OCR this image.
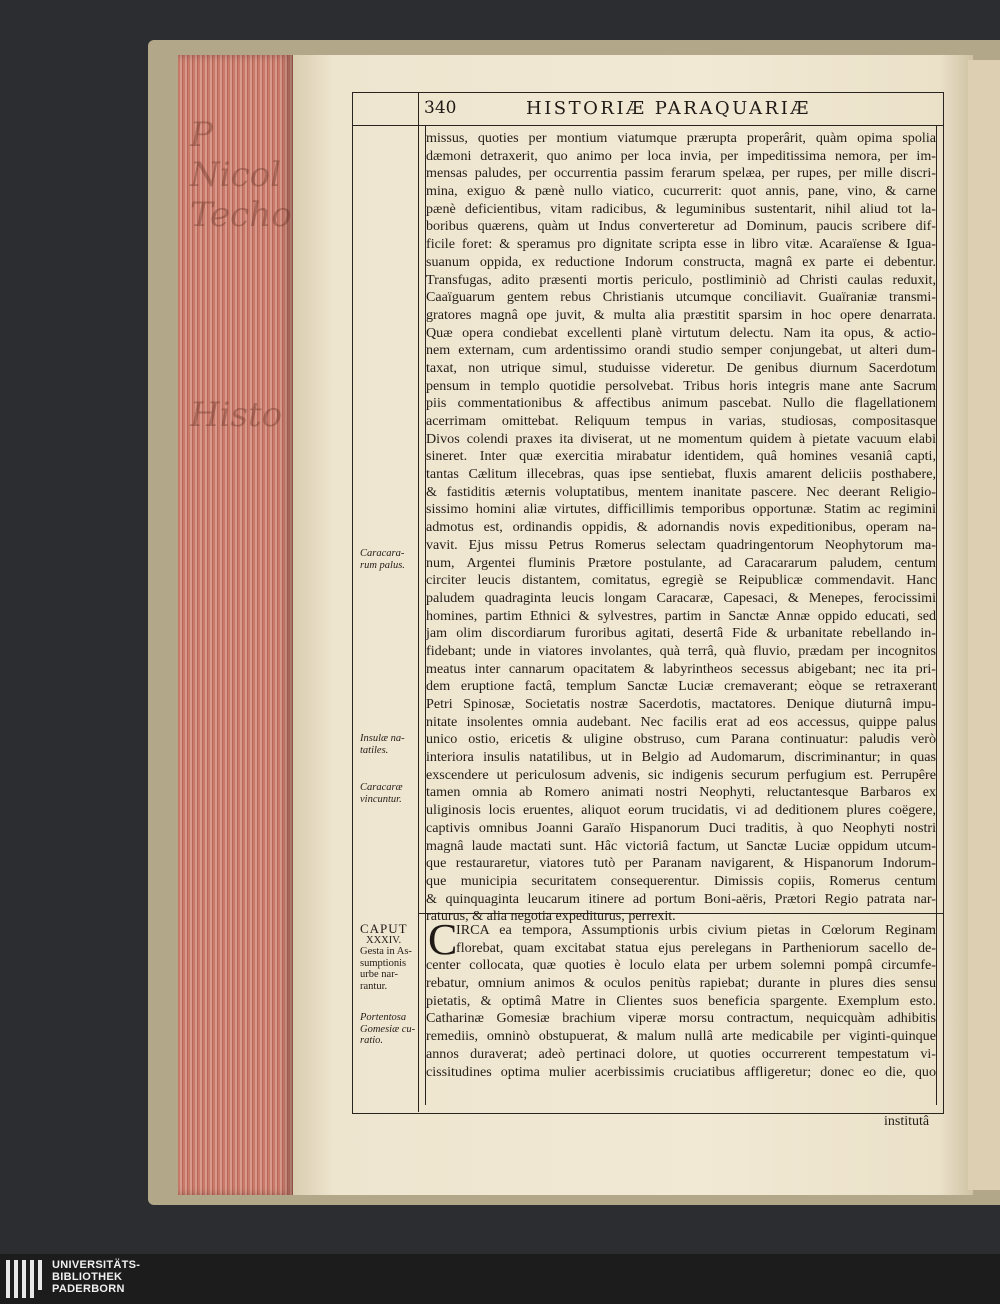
P
Nicol
Techo
Histo
340	HISTORIÆ PARAQUARIÆ
missus, quoties per montium viatumque prærupta properârit, quàm opima spolia
dæmoni detraxerit, quo animo per loca invia, per impeditissima nemora, per im-
mensas paludes, per occurrentia passim ferarum spelæa, per rupes, per mille discri-
mina, exiguo & pænè nullo viatico, cucurrerit: quot annis, pane, vino, & carne
pænè deficientibus, vitam radicibus, & leguminibus sustentarit, nihil aliud tot la-
boribus quærens, quàm ut Indus converteretur ad Dominum, paucis scribere dif-
ficile foret: & speramus pro dignitate scripta esse in libro vitæ. Acaraïense & Igua-
suanum oppida, ex reductione Indorum constructa, magnâ ex parte ei debentur.
Transfugas, adito præsenti mortis periculo, postliminiò ad Christi caulas reduxit,
Caaïguarum gentem rebus Christianis utcumque conciliavit. Guaïraniæ transmi-
gratores magnâ ope juvit, & multa alia præstitit sparsim in hoc opere denarrata.
Quæ opera condiebat excellenti planè virtutum delectu. Nam ita opus, & actio-
nem externam, cum ardentissimo orandi studio semper conjungebat, ut alteri dum-
taxat, non utrique simul, studuisse videretur. De genibus diurnum Sacerdotum
pensum in templo quotidie persolvebat. Tribus horis integris mane ante Sacrum
piis commentationibus & affectibus animum pascebat. Nullo die flagellationem
acerrimam omittebat. Reliquum tempus in varias, studiosas, compositasque
Divos colendi praxes ita diviserat, ut ne momentum quidem à pietate vacuum elabi
sineret. Inter quæ exercitia mirabatur identidem, quâ homines vesaniâ capti,
tantas Cælitum illecebras, quas ipse sentiebat, fluxis amarent deliciis posthabere,
& fastiditis æternis voluptatibus, mentem inanitate pascere. Nec deerant Religio-
sissimo homini aliæ virtutes, difficillimis temporibus opportunæ. Statim ac regimini
admotus est, ordinandis oppidis, & adornandis novis expeditionibus, operam na-
vavit. Ejus missu Petrus Romerus selectam quadringentorum Neophytorum ma-
num, Argentei fluminis Prætore postulante, ad Caracararum paludem, centum
circiter leucis distantem, comitatus, egregiè se Reipublicæ commendavit. Hanc
paludem quadraginta leucis longam Caracaræ, Capesaci, & Menepes, ferocissimi
homines, partim Ethnici & sylvestres, partim in Sanctæ Annæ oppido educati, sed
jam olim discordiarum furoribus agitati, desertâ Fide & urbanitate rebellando in-
fidebant; unde in viatores involantes, quà terrâ, quà fluvio, prædam per incognitos
meatus inter cannarum opacitatem & labyrintheos secessus abigebant; nec ita pri-
dem eruptione factâ, templum Sanctæ Luciæ cremaverant; eòque se retraxerant
Petri Spinosæ, Societatis nostræ Sacerdotis, mactatores. Denique diuturnâ impu-
nitate insolentes omnia audebant. Nec facilis erat ad eos accessus, quippe palus
unico ostio, ericetis & uligine obstruso, cum Parana continuatur: paludis verò
interiora insulis natatilibus, ut in Belgio ad Audomarum, discriminantur; in quas
exscendere ut periculosum advenis, sic indigenis securum perfugium est. Perrupêre
tamen omnia ab Romero animati nostri Neophyti, reluctantesque Barbaros ex
uliginosis locis eruentes, aliquot eorum trucidatis, vi ad deditionem plures coëgere,
captivis omnibus Joanni Garaïo Hispanorum Duci traditis, à quo Neophyti nostri
magnâ laude mactati sunt. Hâc victoriâ factum, ut Sanctæ Luciæ oppidum utcum-
que restauraretur, viatores tutò per Paranam navigarent, & Hispanorum Indorum-
que municipia securitatem consequerentur. Dimissis copiis, Romerus centum
& quinquaginta leucarum itinere ad portum Boni-aëris, Prætori Regio patrata nar-
raturus, & alia negotia expediturus, perrexit.
C
IRCA ea tempora, Assumptionis urbis civium pietas in Cœlorum Reginam
florebat, quam excitabat statua ejus perelegans in Partheniorum sacello de-
center collocata, quæ quoties è loculo elata per urbem solemni pompâ circumfe-
rebatur, omnium animos & oculos penitùs rapiebat; durante in plures dies sensu
pietatis, & optimâ Matre in Clientes suos beneficia spargente. Exemplum esto.
Catharinæ Gomesiæ brachium viperæ morsu contractum, nequicquàm adhibitis
remediis, omninò obstupuerat, & malum nullâ arte medicabile per viginti-quinque
annos duraverat; adeò pertinaci dolore, ut quoties occurrerent tempestatum vi-
cissitudines optima mulier acerbissimis cruciatibus affligeretur; donec eo die, quo
institutâ
Caracara-
rum palus.
Insulæ na-
tatiles.
Caracaræ
vincuntur.
CAPUT
XXXIV.
Gesta in As-
sumptionis
urbe nar-
rantur.
Portentosa
Gomesiæ cu-
ratio.
UNIVERSITÄTS-
BIBLIOTHEK
PADERBORN
